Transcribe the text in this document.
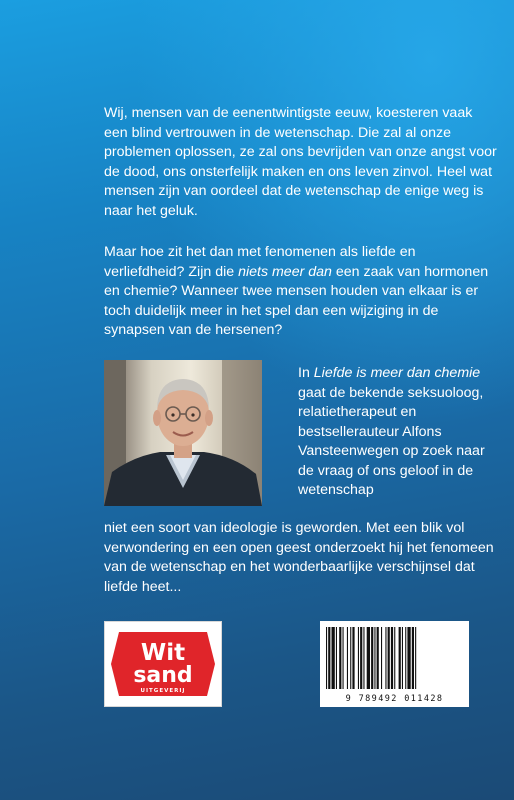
Wij, mensen van de eenentwintigste eeuw, koesteren vaak een blind vertrouwen in de wetenschap. Die zal al onze problemen oplossen, ze zal ons bevrijden van onze angst voor de dood, ons onsterfelijk maken en ons leven zinvol. Heel wat mensen zijn van oordeel dat de wetenschap de enige weg is naar het geluk.

Maar hoe zit het dan met fenomenen als liefde en verliefdheid? Zijn die niets meer dan een zaak van hormonen en chemie? Wanneer twee mensen houden van elkaar is er toch duidelijk meer in het spel dan een wijziging in de synapsen van de hersenen?

In Liefde is meer dan chemie gaat de bekende seksuoloog, relatietherapeut en bestsellerauteur Alfons Vansteenwegen op zoek naar de vraag of ons geloof in de wetenschap

niet een soort van ideologie is geworden. Met een blik vol verwondering en een open geest onderzoekt hij het fenomeen van de wetenschap en het wonderbaarlijke verschijnsel dat liefde heet...

Wit
sand
UITGEVERIJ
9 789492 011428
